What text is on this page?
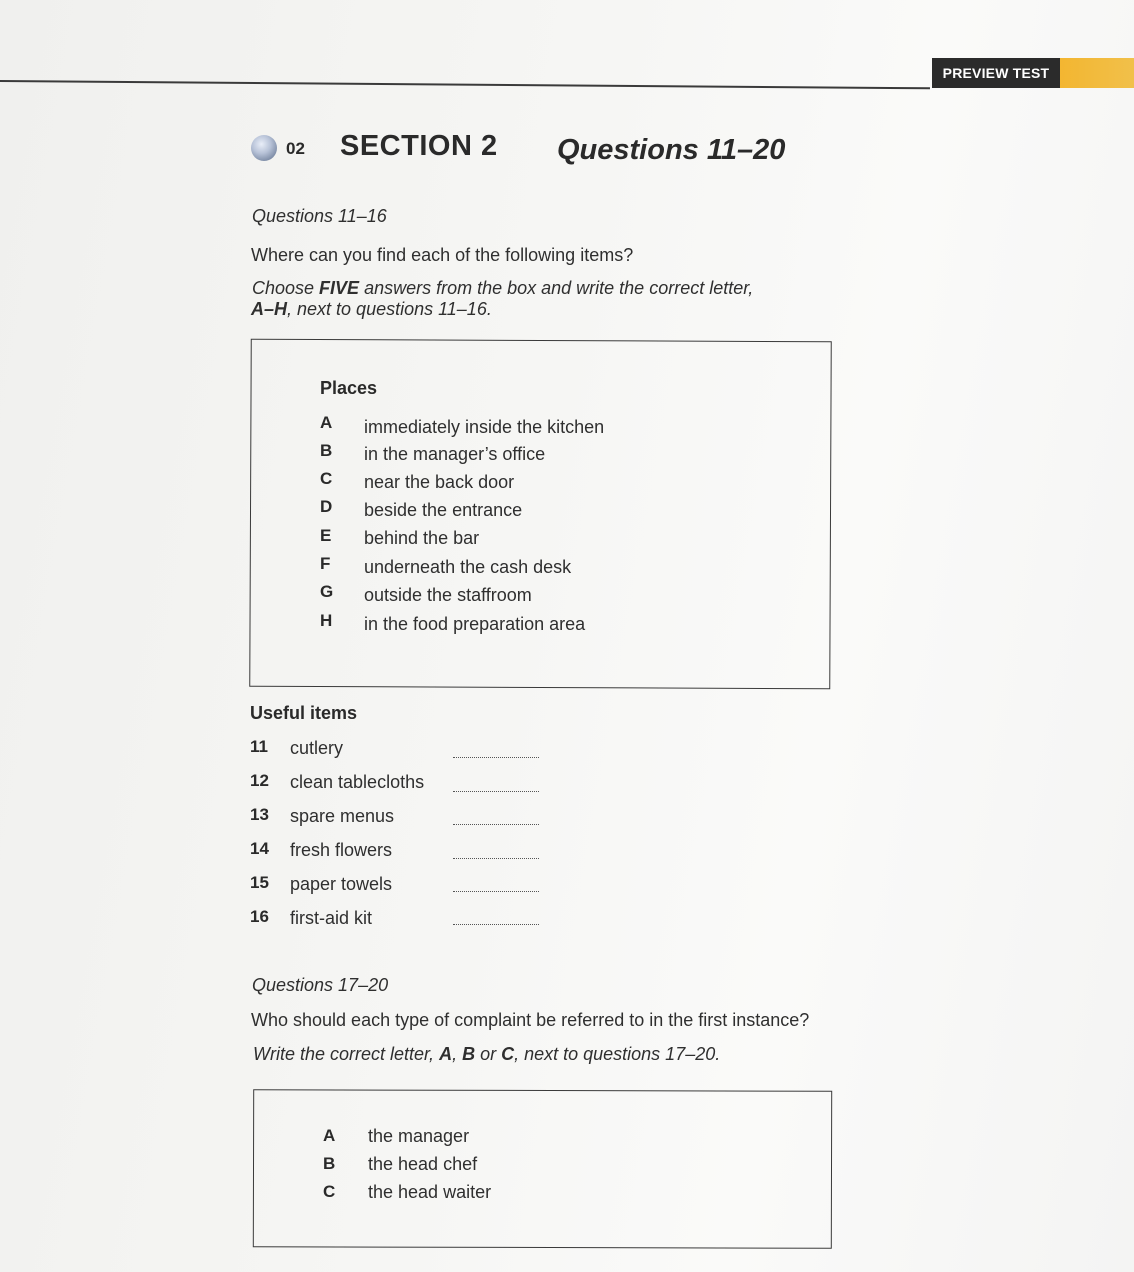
PREVIEW TEST
02 SECTION 2 Questions 11–20
Questions 11–16
Where can you find each of the following items?
Choose FIVE answers from the box and write the correct letter,
A–H, next to questions 11–16.
Places
A immediately inside the kitchen
B in the manager’s office
C near the back door
D beside the entrance
E behind the bar
F underneath the cash desk
G outside the staffroom
H in the food preparation area
Useful items
11 cutlery
12 clean tablecloths
13 spare menus
14 fresh flowers
15 paper towels
16 first-aid kit
Questions 17–20
Who should each type of complaint be referred to in the first instance?
Write the correct letter, A, B or C, next to questions 17–20.
A the manager
B the head chef
C the head waiter
